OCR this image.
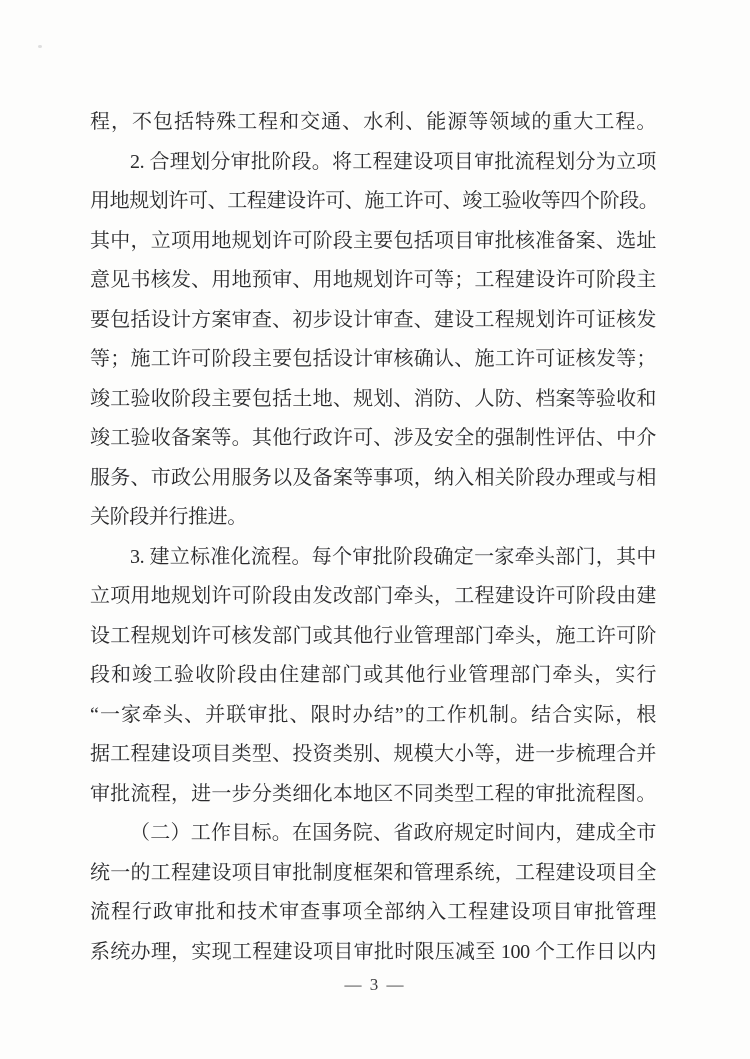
程，不包括特殊工程和交通、水利、能源等领域的重大工程。
2. 合理划分审批阶段。将工程建设项目审批流程划分为立项
用地规划许可、工程建设许可、施工许可、竣工验收等四个阶段。
其中，立项用地规划许可阶段主要包括项目审批核准备案、选址
意见书核发、用地预审、用地规划许可等；工程建设许可阶段主
要包括设计方案审查、初步设计审查、建设工程规划许可证核发
等；施工许可阶段主要包括设计审核确认、施工许可证核发等；
竣工验收阶段主要包括土地、规划、消防、人防、档案等验收和
竣工验收备案等。其他行政许可、涉及安全的强制性评估、中介
服务、市政公用服务以及备案等事项，纳入相关阶段办理或与相
关阶段并行推进。
3. 建立标准化流程。每个审批阶段确定一家牵头部门，其中
立项用地规划许可阶段由发改部门牵头，工程建设许可阶段由建
设工程规划许可核发部门或其他行业管理部门牵头，施工许可阶
段和竣工验收阶段由住建部门或其他行业管理部门牵头，实行
“一家牵头、并联审批、限时办结”的工作机制。结合实际，根
据工程建设项目类型、投资类别、规模大小等，进一步梳理合并
审批流程，进一步分类细化本地区不同类型工程的审批流程图。
（二）工作目标。在国务院、省政府规定时间内，建成全市
统一的工程建设项目审批制度框架和管理系统，工程建设项目全
流程行政审批和技术审查事项全部纳入工程建设项目审批管理
系统办理，实现工程建设项目审批时限压减至 100 个工作日以内
— 3 —
